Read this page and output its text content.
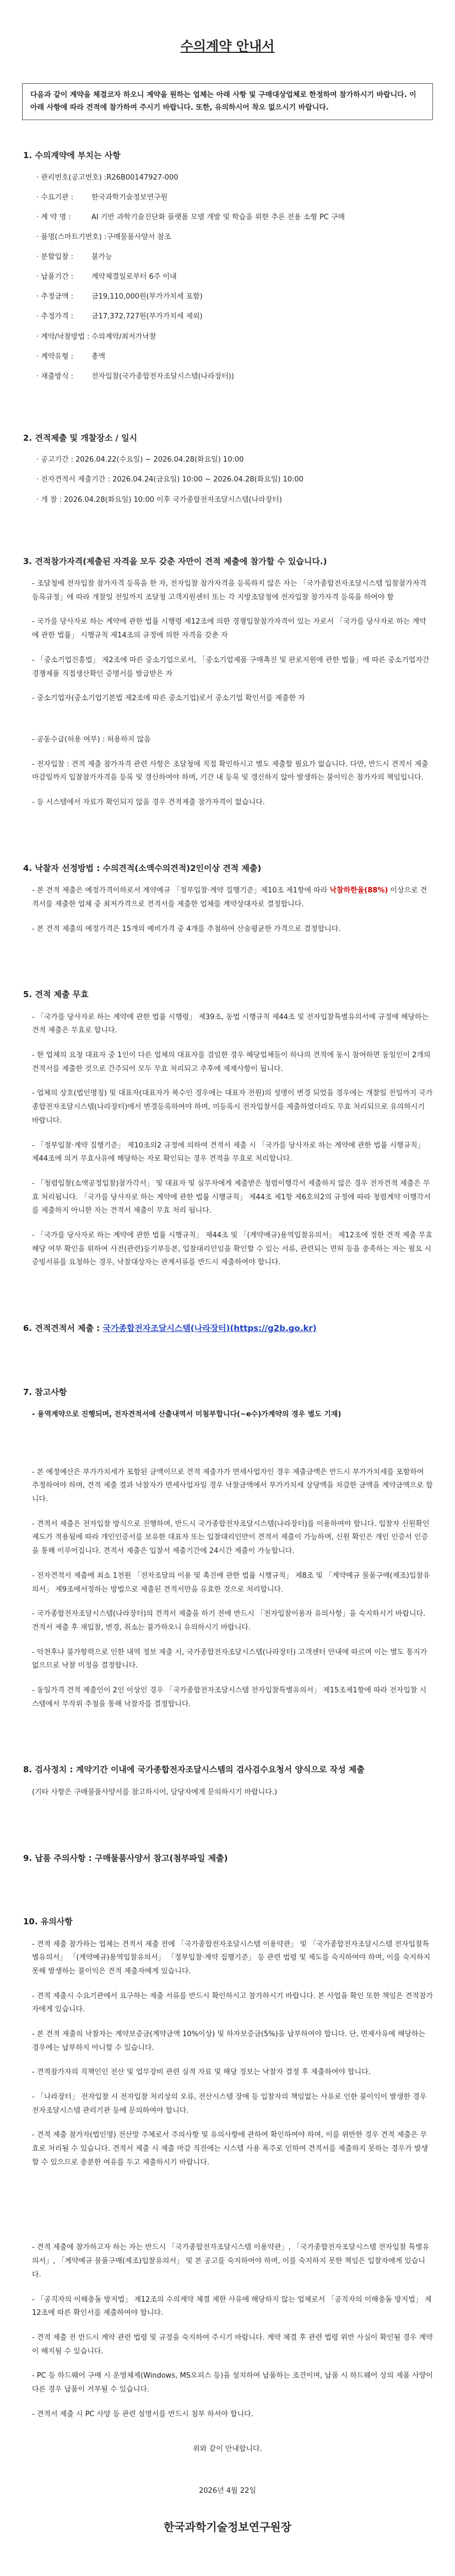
수의계약 안내서
다음과 같이 계약을 체결코자 하오니 계약을 원하는 업체는 아래 사항 및 구매대상업체로 한정하여 참가하시기 바랍니다. 이 아래 사항에 따라 견적에 참가하여 주시기 바랍니다. 또한, 유의하시어 착오 없으시기 바랍니다.
1. 수의계약에 부치는 사항
· 관리번호(공고번호) :R26B00147927-000
· 수요기관 :	한국과학기술정보연구원
· 계 약 명 :	AI 기반 과학기술진단화 플랫폼 모델 개발 및 학습을 위한 추론 전용 소형 PC 구매
· 품명(스마트기번호) :구매물품사양서 참조
· 분할입찰 :	불가능
· 납품기간 :	계약체결일로부터 6주 이내
· 추정금액 :	금19,110,000원(부가가치세 포함)
· 추정가격 :	금17,372,727원(부가가치세 제외)
· 계약/낙찰방법 :수의계약/최저가낙찰
· 계약유형 :	총액
· 재출방식 :	전자입찰(국가종합전자조달시스템(나라장터))
2. 견적제출 및 개찰장소 / 일시
· 공고기간 : 2026.04.22(수요일) ~ 2026.04.28(화요일) 10:00
· 전자견적서 제출기간 : 2026.04.24(금요일) 10:00 ~ 2026.04.28(화요일) 10:00
· 개 찰 : 2026.04.28(화요일) 10:00 이후 국가종합전자조달시스템(나라장터)
3. 견적참가자격(제출된 자격을 모두 갖춘 자만이 견적 제출에 참가할 수 있습니다.)
- 조달청에 전자입찰 참가자격 등록을 한 자, 전자입찰 참가자격을 등록하지 않은 자는 「국가종합전자조달시스템 입찰참가자격등록규정」에 따라 개찰일 전일까지 조달청 고객지원센터 또는 각 지방조달청에 전자입찰 참가자격 등록을 하여야 함
- 국가를 당사자로 하는 계약에 관한 법률 시행령 제12조에 의한 경쟁입찰참가자격이 있는 자로서 「국가를 당사자로 하는 계약에 관한 법률」 시행규칙 제14조의 규정에 의한 자격을 갖춘 자
- 「중소기업진흥법」 제2조에 따른 중소기업으로서, 「중소기업제품 구매촉진 및 판로지원에 관한 법률」에 따른 중소기업자간 경쟁제품 직접생산확인 증명서를 발급받은 자
- 중소기업자(중소기업기본법 제2조에 따른 중소기업)로서 중소기업 확인서를 제출한 자
- 공동수급(허용 여부) : 허용하지 않음
- 전자입찰 : 견적 제출 참가자격 관련 사항은 조달청에 직접 확인하시고 별도 제출할 필요가 없습니다. 다만, 반드시 견적서 제출 마감일까지 입찰참가자격을 등록 및 갱신하여야 하며, 기간 내 등록 및 갱신하지 않아 발생하는 불이익은 참가자의 책임입니다.
- 등 시스템에서 자료가 확인되지 않을 경우 견적제출 참가자격이 없습니다.
4. 낙찰자 선정방법 : 수의견적(소액수의견적)2인이상 견적 제출)
- 본 견적 제출은 예정가격이하로서 계약예규 「정부입찰·계약 집행기준」제10조 제1항에 따라 낙찰하한율(88%) 이상으로 견적서를 제출한 업체 중 최저가격으로 견적서를 제출한 업체를 계약상대자로 결정합니다.
- 본 견적 제출의 예정가격은 15개의 예비가격 중 4개를 추첨하여 산술평균한 가격으로 결정합니다.
5. 견적 제출 무효
- 「국가를 당사자로 하는 계약에 관한 법률 시행령」 제39조, 동법 시행규칙 제44조 및 전자입찰특별유의서에 규정에 해당하는 견적 제출은 무효로 합니다.
- 한 업체의 요청 대표자 중 1인이 다른 업체의 대표자를 겸임한 경우 해당업체들이 하나의 견적에 동시 참여하면 동일인이 2개의 견적서를 제출한 것으로 간주되어 모두 무효 처리되고 추후에 제재사항이 됩니다.
- 업체의 상호(법인명칭) 및 대표자(대표자가 복수인 경우에는 대표자 전원)의 성명이 변경 되었을 경우에는 개찰일 전일까지 국가종합전자조달시스템(나라장터)에서 변경등록하여야 하며, 미등록시 전자입찰서를 제출하였더라도 무효 처리되므로 유의하시기 바랍니다.
- 「정부입찰·계약 집행기준」 제10조의2 규정에 의하여 견적서 제출 시 「국가를 당사자로 하는 계약에 관한 법률 시행규칙」 제44조에 의거 무효사유에 해당하는 자로 확인되는 경우 견적을 무효로 처리합니다.
- 「청렴입찰(소액공정입찰)참가각서」 및 대표자 및 실무자에게 제출받은 청렴이행각서 제출하지 않은 경우 전자견적 제출은 무효 처리됩니다. 「국가를 당사자로 하는 계약에 관한 법률 시행규칙」 제44조 제1항 제6호의2의 규정에 따라 청렴계약 이행각서를 제출하지 아니한 자는 견적서 제출이 무효 처리 됩니다.
- 「국가를 당사자로 하는 계약에 관한 법률 시행규칙」 제44조 및 「(계약예규)용역입찰유의서」 제12조에 정한 견적 제출 무효 해당 여부 확인을 위하여 사전(관련)등기부등본, 입찰대리인임을 확인할 수 있는 서류, 관련되는 면허 등을 충족하는 자는 필요 시 증빙서류를 요청하는 경우, 낙찰대상자는 관계서류를 반드시 제출하여야 합니다.
6. 견적견적서 제출 : 국가종합전자조달시스템(나라장터)(https://g2b.go.kr)
7. 참고사항
- 용역계약으로 진행되며, 전자견적서에 산출내역서 미첨부합니다(~e수)가계약의 경우 별도 기재)
- 본 예정예산은 부가가치세가 포함된 금액이므로 견적 제출가가 면세사업자인 경우 제출금액은 반드시 부가가치세를 포함하여 추정하여야 하며, 견적 제출 결과 낙찰자가 면세사업자일 경우 낙찰금액에서 부가가치세 상당액을 차감한 금액을 계약금액으로 합니다.
- 견적서 제출은 전자입찰 방식으로 진행하며, 반드시 국가종합전자조달시스템(나라장터)를 이용하여야 합니다. 입찰자 신원확인제도가 적용됨에 따라 개인인증서를 보유한 대표자 또는 입찰대리인만이 견적서 제출이 가능하며, 신원 확인은 개인 인증서 인증을 통해 이루어집니다. 견적서 제출은 입찰서 제출기간에 24시간 제출이 가능합니다.
- 전자견적서 제출에 최소 1천원 「전자조달의 이용 및 촉진에 관한 법률 시행규칙」 제8조 및 「계약예규 물품구매(제조)입찰유의서」 제9조에서정하는 방법으로 제출된 견적서만을 유효한 것으로 처리합니다.
- 국가종합전자조달시스템(나라장터)의 견적서 제출을 하기 전에 반드시 「전자입찰이용자 유의사항」을 숙지하시기 바랍니다. 견적서 제출 후 재입찰, 변경, 취소는 불가하오니 유의하시기 바랍니다.
- 악천후나 불가항력으로 인한 내역 정보 제출 시, 국가종합전자조달시스템(나라장터) 고객센터 안내에 따르며 이는 별도 통지가 없으므로 낙찰 미정을 결정합니다.
- 동일가격 견적 제출인이 2인 이상인 경우 「국가종합전자조달시스템 전자입찰특별유의서」 제15조제1항에 따라 전자입찰 시스템에서 무작위 추첨을 통해 낙찰자를 결정합니다.
8. 검사정치 : 계약기간 이내에 국가종합전자조달시스템의 검사검수요청서 양식으로 작성 제출
(기타 사항은 구매물품사양서를 참고하시어, 담당자에게 문의하시기 바랍니다.)
9. 납품 주의사항 : 구매물품사양서 참고(첨부파일 제출)
10. 유의사항
- 견적 제출 참가하는 업체는 견적서 제출 전에 「국가종합전자조달시스템 이용약관」 및 「국가종합전자조달시스템 전자입찰특별유의서」 「(계약예규)용역입찰유의서」 「정부입찰·계약 집행기준」 등 관련 법령 및 제도를 숙지하여야 하며, 이를 숙지하지 못해 발생하는 불이익은 견적 제출자에게 있습니다.
- 견적 제출시 수요기관에서 요구하는 제출 서류를 반드시 확인하시고 참가하시기 바랍니다. 본 사업을 확인 또한 책임은 견적참가자에게 있습니다.
- 본 견적 제출의 낙찰자는 계약보증금(계약금액 10%이상) 및 하자보증금(5%)을 납부하여야 합니다. 단, 면제사유에 해당하는 경우에는 납부하지 아니할 수 있습니다.
- 견적참가자의 직책인인 전산 및 업무장비 관련 실적 자료 및 해당 정보는 낙찰자 결정 후 제출하여야 합니다.
- 「나라장터」 전자입찰 시 전자입찰 처리상의 오류, 전산시스템 장애 등 입찰자의 책임없는 사유로 인한 불이익이 발생한 경우 전자조달시스템 관리기관 등에 문의하여야 합니다.
- 견적 제출 참가자(법인명) 전산망 주체로서 주의사항 및 유의사항에 관하여 확인하여야 하며, 이를 위반한 경우 견적 제출은 무효로 처리될 수 있습니다. 견적서 제출 시 제출 마감 직전에는 시스템 사용 폭주로 인하여 견적서를 제출하지 못하는 경우가 발생할 수 있으므로 충분한 여유를 두고 제출하시기 바랍니다.
- 견적 제출에 참가하고자 하는 자는 반드시 「국가종합전자조달시스템 이용약관」, 「국가종합전자조달시스템 전자입찰 특별유의서」, 「계약예규 물품구매(제조)입찰유의서」 및 본 공고를 숙지하여야 하며, 이를 숙지하지 못한 책임은 입찰자에게 있습니다.
- 「공직자의 이해충돌 방지법」 제12조의 수의계약 체결 제한 사유에 해당하지 않는 업체로서 「공직자의 이해충돌 방지법」 제12조에 따른 확인서를 제출하여야 합니다.
- 견적 제출 전 반드시 계약 관련 법령 및 규정을 숙지하여 주시기 바랍니다. 계약 체결 후 관련 법령 위반 사실이 확인될 경우 계약이 해지될 수 있습니다.
- PC 등 하드웨어 구매 시 운영체제(Windows, MS오피스 등)을 설치하여 납품하는 조건이며, 납품 시 하드웨어 상의 제품 사양이 다른 경우 납품이 거부될 수 있습니다.
- 견적서 제출 시 PC 사양 등 관련 설명서를 반드시 첨부 하셔야 합니다.
위와 같이 안내합니다.
2026년 4월 22일
한국과학기술정보연구원장
